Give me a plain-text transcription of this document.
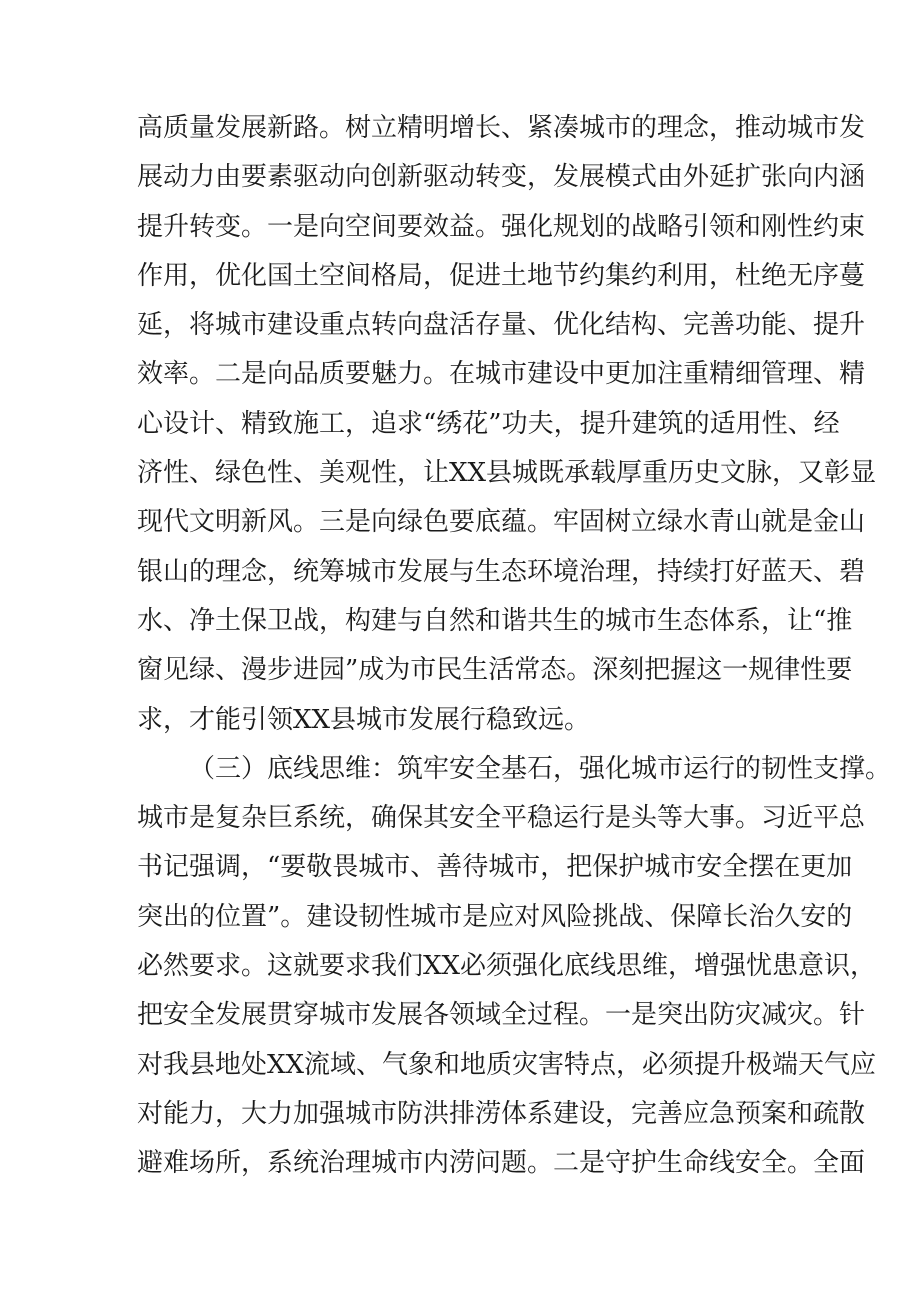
高质量发展新路。树立精明增长、紧凑城市的理念，推动城市发
展动力由要素驱动向创新驱动转变，发展模式由外延扩张向内涵
提升转变。一是向空间要效益。强化规划的战略引领和刚性约束
作用，优化国土空间格局，促进土地节约集约利用，杜绝无序蔓
延，将城市建设重点转向盘活存量、优化结构、完善功能、提升
效率。二是向品质要魅力。在城市建设中更加注重精细管理、精
心设计、精致施工，追求“绣花”功夫，提升建筑的适用性、经
济性、绿色性、美观性，让XX县城既承载厚重历史文脉，又彰显
现代文明新风。三是向绿色要底蕴。牢固树立绿水青山就是金山
银山的理念，统筹城市发展与生态环境治理，持续打好蓝天、碧
水、净土保卫战，构建与自然和谐共生的城市生态体系，让“推
窗见绿、漫步进园”成为市民生活常态。深刻把握这一规律性要
求，才能引领XX县城市发展行稳致远。
（三）底线思维：筑牢安全基石，强化城市运行的韧性支撑。
城市是复杂巨系统，确保其安全平稳运行是头等大事。习近平总
书记强调，“要敬畏城市、善待城市，把保护城市安全摆在更加
突出的位置”。建设韧性城市是应对风险挑战、保障长治久安的
必然要求。这就要求我们XX必须强化底线思维，增强忧患意识，
把安全发展贯穿城市发展各领域全过程。一是突出防灾减灾。针
对我县地处XX流域、气象和地质灾害特点，必须提升极端天气应
对能力，大力加强城市防洪排涝体系建设，完善应急预案和疏散
避难场所，系统治理城市内涝问题。二是守护生命线安全。全面
